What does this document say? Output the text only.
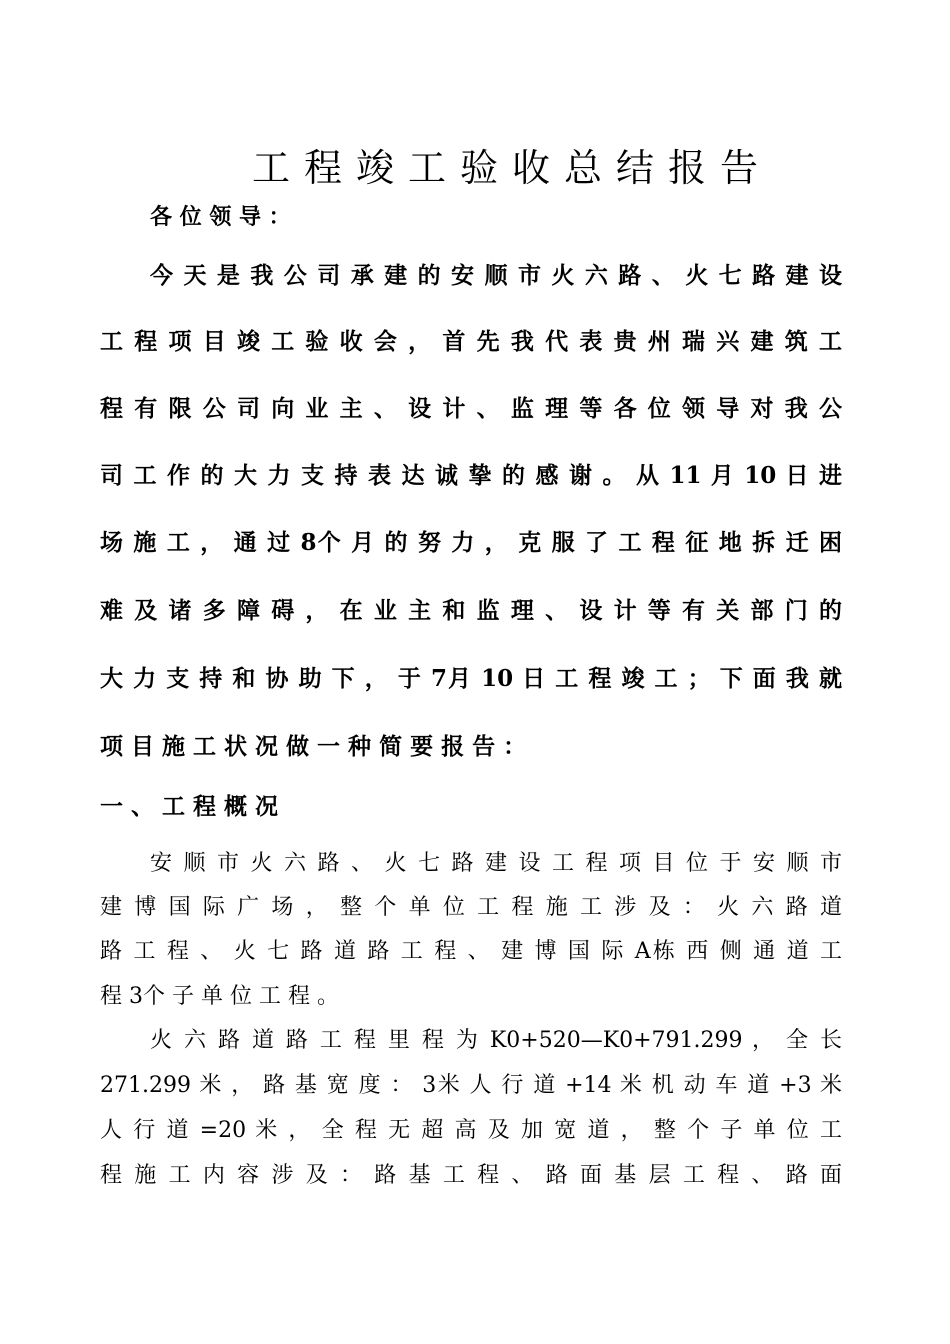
工程竣工验收总结报告
各 位 领 导 ：
今 天 是 我 公 司 承 建 的 安 顺 市 火 六 路 、 火 七 路 建 设
工 程 项 目 竣 工 验 收 会 ， 首 先 我 代 表 贵 州 瑞 兴 建 筑 工
程 有 限 公 司 向 业 主 、 设 计 、 监 理 等 各 位 领 导 对 我 公
司 工 作 的 大 力 支 持 表 达 诚 挚 的 感 谢 。 从 11 月 10 日 进
场 施 工 ， 通 过 8个 月 的 努 力 ， 克 服 了 工 程 征 地 拆 迁 困
难 及 诸 多 障 碍 ， 在 业 主 和 监 理 、 设 计 等 有 关 部 门 的
大 力 支 持 和 协 助 下 ， 于 7月 10 日 工 程 竣 工 ； 下 面 我 就
项 目 施 工 状 况 做 一 种 简 要 报 告 ：
一 、 工 程 概 况
安 顺 市 火 六 路 、 火 七 路 建 设 工 程 项 目 位 于 安 顺 市
建 博 国 际 广 场 ， 整 个 单 位 工 程 施 工 涉 及 ： 火 六 路 道
路 工 程 、 火 七 路 道 路 工 程 、 建 博 国 际 A栋 西 侧 通 道 工
程 3个 子 单 位 工 程 。
火 六 路 道 路 工 程 里 程 为 K0+520—K0+791.299 ， 全 长
271.299 米 ， 路 基 宽 度 ： 3米 人 行 道 +14 米 机 动 车 道 +3 米
人 行 道 =20 米 ， 全 程 无 超 高 及 加 宽 道 ， 整 个 子 单 位 工
程 施 工 内 容 涉 及 ： 路 基 工 程 、 路 面 基 层 工 程 、 路 面
